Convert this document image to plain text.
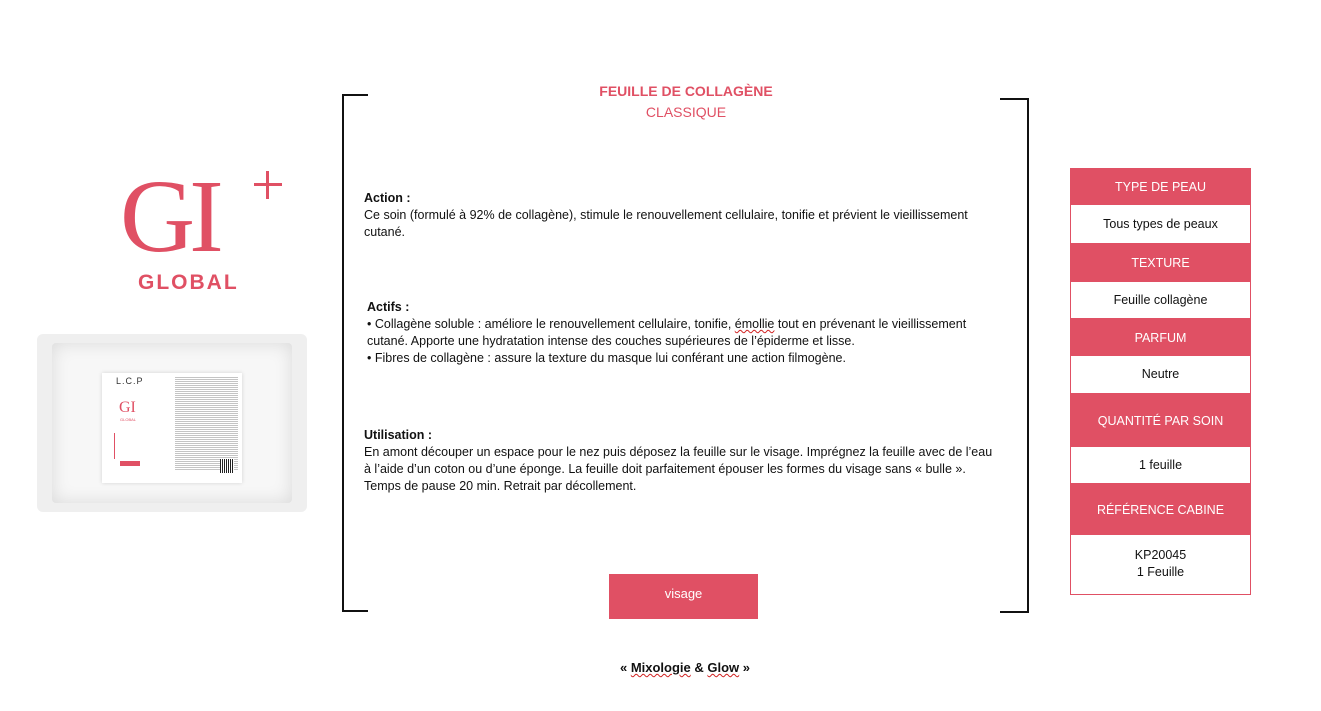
GI
GLOBAL
L.C.P
GI
GLOBAL
FEUILLE DE COLLAGÈNE
CLASSIQUE
Action :
Ce soin (formulé à 92% de collagène), stimule le renouvellement cellulaire, tonifie et prévient le vieillissement cutané.
Actifs :
• Collagène soluble : améliore le renouvellement cellulaire, tonifie, émollie tout en prévenant le vieillissement cutané. Apporte une hydratation intense des couches supérieures de l’épiderme et lisse.
• Fibres de collagène : assure la texture du masque lui conférant une action filmogène.
Utilisation :
En amont découper un espace pour le nez puis déposez la feuille sur le visage. Imprégnez la feuille avec de l’eau à l’aide d’un coton ou d’une éponge. La feuille doit parfaitement épouser les formes du visage sans « bulle ». Temps de pause 20 min. Retrait par décollement.
visage
« Mixologie & Glow »
TYPE DE PEAU
Tous types de peaux
TEXTURE
Feuille collagène
PARFUM
Neutre
QUANTITÉ PAR SOIN
1 feuille
RÉFÉRENCE CABINE
KP20045
1 Feuille
